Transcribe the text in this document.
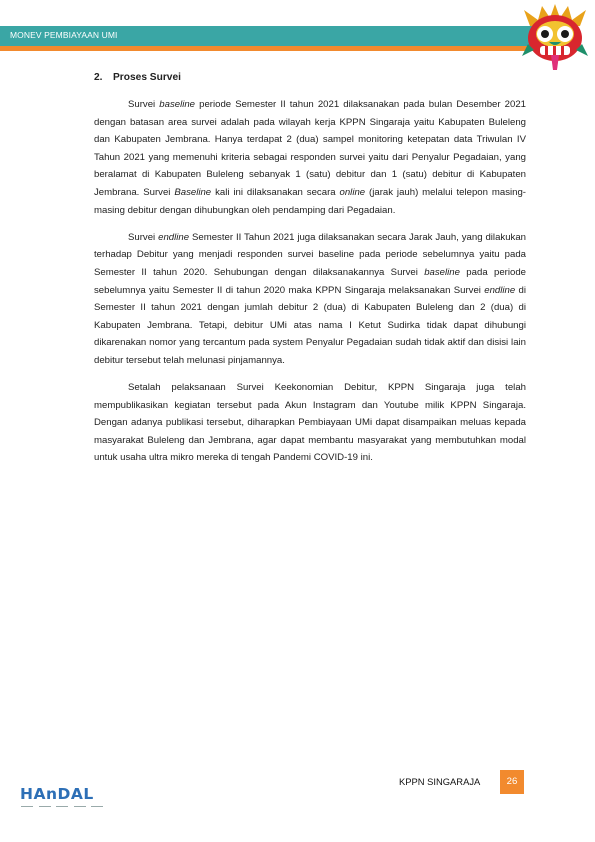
MONEV PEMBIAYAAN UMI
2. Proses Survei

Survei baseline periode Semester II tahun 2021 dilaksanakan pada bulan Desember 2021 dengan batasan area survei adalah pada wilayah kerja KPPN Singaraja yaitu Kabupaten Buleleng dan Kabupaten Jembrana. Hanya terdapat 2 (dua) sampel monitoring ketepatan data Triwulan IV Tahun 2021 yang memenuhi kriteria sebagai responden survei yaitu dari Penyalur Pegadaian, yang beralamat di Kabupaten Buleleng sebanyak 1 (satu) debitur dan 1 (satu) debitur di Kabupaten Jembrana. Survei Baseline kali ini dilaksanakan secara online (jarak jauh) melalui telepon masing-masing debitur dengan dihubungkan oleh pendamping dari Pegadaian.

Survei endline Semester II Tahun 2021 juga dilaksanakan secara Jarak Jauh, yang dilakukan terhadap Debitur yang menjadi responden survei baseline pada periode sebelumnya yaitu pada Semester II tahun 2020. Sehubungan dengan dilaksanakannya Survei baseline pada periode sebelumnya yaitu Semester II di tahun 2020 maka KPPN Singaraja melaksanakan Survei endline di Semester II tahun 2021 dengan jumlah debitur 2 (dua) di Kabupaten Buleleng dan 2 (dua) di Kabupaten Jembrana. Tetapi, debitur UMi atas nama I Ketut Sudirka tidak dapat dihubungi dikarenakan nomor yang tercantum pada system Penyalur Pegadaian sudah tidak aktif dan disisi lain debitur tersebut telah melunasi pinjamannya.

Setalah pelaksanaan Survei Keekonomian Debitur, KPPN Singaraja juga telah mempublikasikan kegiatan tersebut pada Akun Instagram dan Youtube milik KPPN Singaraja. Dengan adanya publikasi tersebut, diharapkan Pembiayaan UMi dapat disampaikan meluas kepada masyarakat Buleleng dan Jembrana, agar dapat membantu masyarakat yang membutuhkan modal untuk usaha ultra mikro mereka di tengah Pandemi COVID-19 ini.

HAnDAL
KPPN SINGARAJA	26
